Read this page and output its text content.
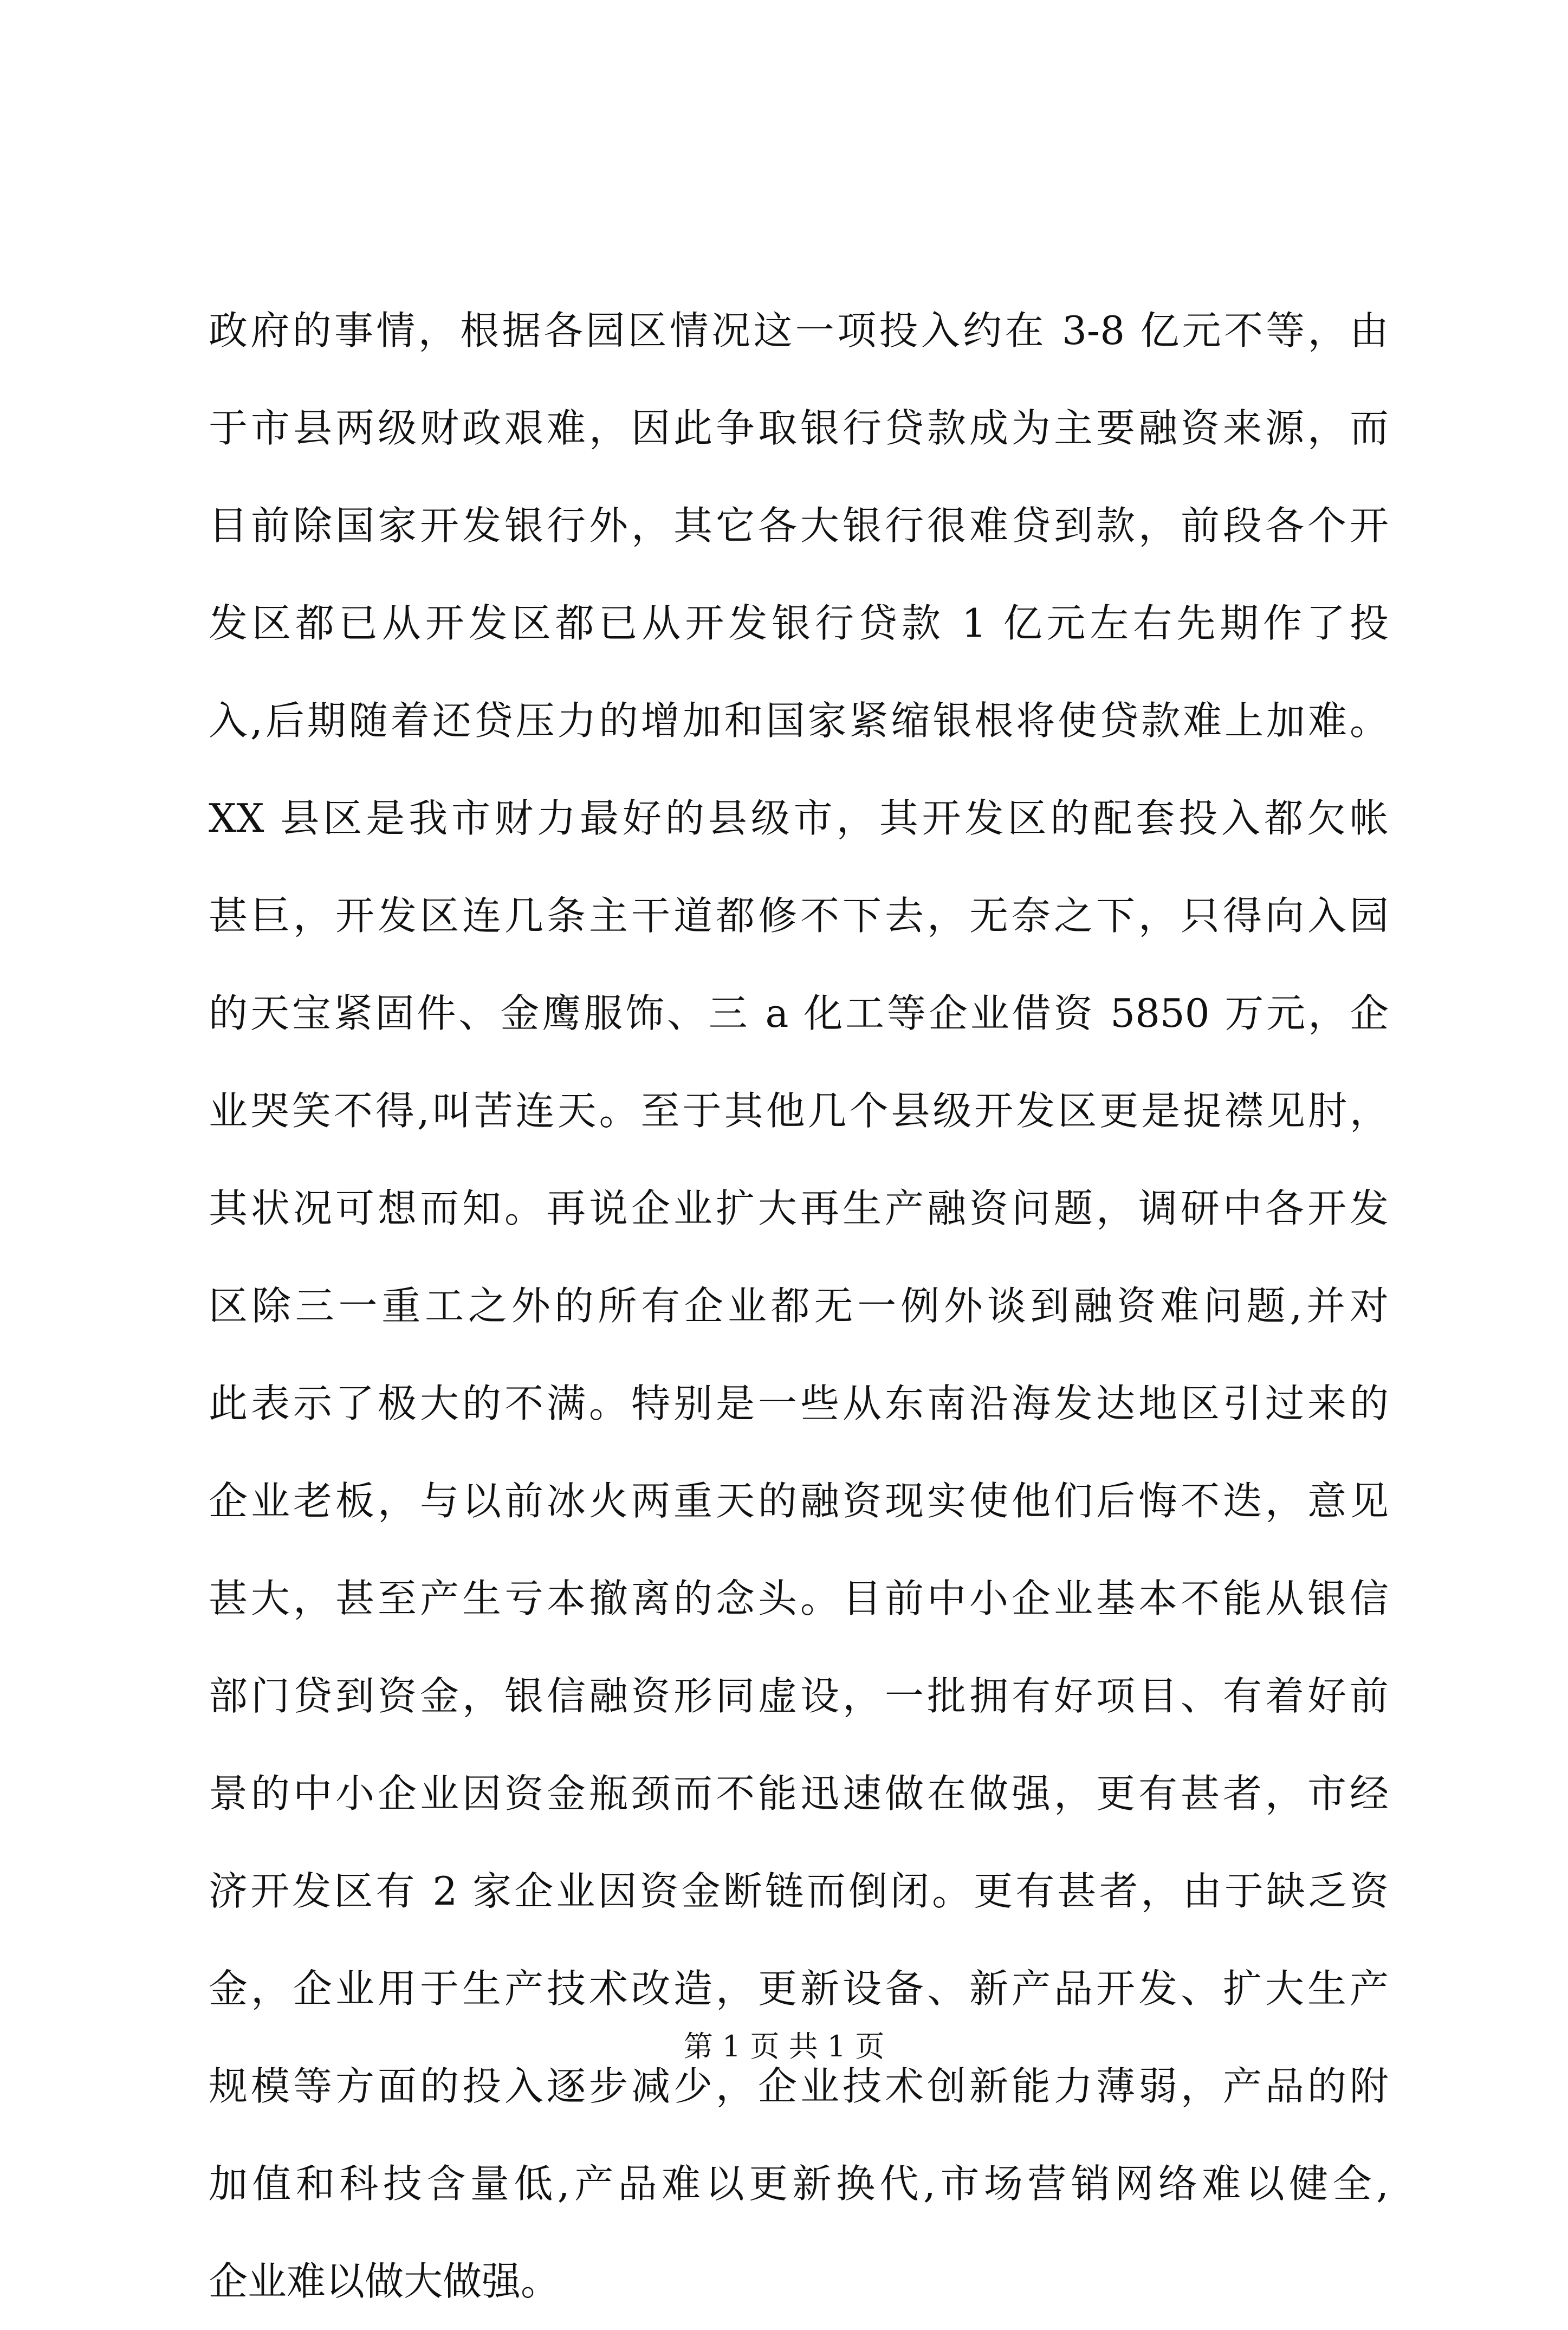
政府的事情，根据各园区情况这一项投入约在 3-8 亿元不等，由
于市县两级财政艰难，因此争取银行贷款成为主要融资来源，而
目前除国家开发银行外，其它各大银行很难贷到款，前段各个开
发区都已从开发区都已从开发银行贷款 1 亿元左右先期作了投
入,后期随着还贷压力的增加和国家紧缩银根将使贷款难上加难。
XX 县区是我市财力最好的县级市，其开发区的配套投入都欠帐
甚巨，开发区连几条主干道都修不下去，无奈之下，只得向入园
的天宝紧固件、金鹰服饰、三 a 化工等企业借资 5850 万元，企
业哭笑不得,叫苦连天。至于其他几个县级开发区更是捉襟见肘，
其状况可想而知。再说企业扩大再生产融资问题，调研中各开发
区除三一重工之外的所有企业都无一例外谈到融资难问题,并对
此表示了极大的不满。特别是一些从东南沿海发达地区引过来的
企业老板，与以前冰火两重天的融资现实使他们后悔不迭，意见
甚大，甚至产生亏本撤离的念头。目前中小企业基本不能从银信
部门贷到资金，银信融资形同虚设，一批拥有好项目、有着好前
景的中小企业因资金瓶颈而不能迅速做在做强，更有甚者，市经
济开发区有 2 家企业因资金断链而倒闭。更有甚者，由于缺乏资
金，企业用于生产技术改造，更新设备、新产品开发、扩大生产
规模等方面的投入逐步减少，企业技术创新能力薄弱，产品的附
加值和科技含量低,产品难以更新换代,市场营销网络难以健全,
企业难以做大做强。
第 1 页 共 1 页
